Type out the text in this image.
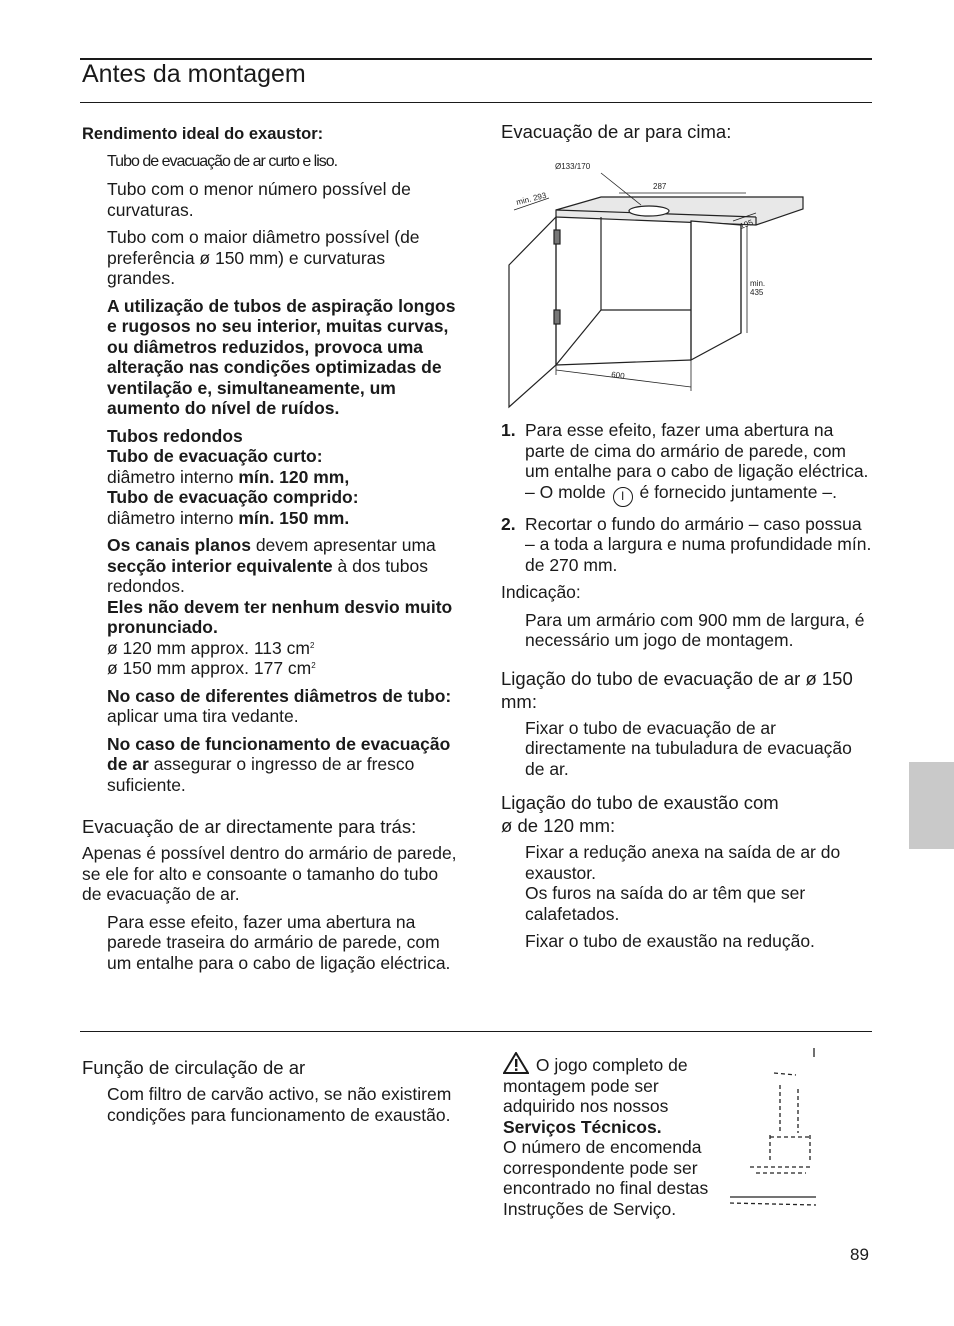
Antes da montagem

Rendimento ideal do exaustor:

Tubo de evacuação de ar curto e liso.

Tubo com o menor número possível de curvaturas.

Tubo com o maior diâmetro possível (de preferência ø 150 mm) e curvaturas grandes.

A utilização de tubos de aspiração longos e rugosos no seu interior, muitas curvas, ou diâmetros reduzidos, provoca uma alteração nas condições optimizadas de ventilação e, simultaneamente, um aumento do nível de ruídos.

Tubos redondos
Tubo de evacuação curto:
diâmetro interno mín. 120 mm,
Tubo de evacuação comprido:
diâmetro interno mín. 150 mm.
Os canais planos devem apresentar uma secção interior equivalente à dos tubos redondos.
Eles não devem ter nenhum desvio muito pronunciado.
ø 120 mm approx. 113 $cm^2$
ø 150 mm approx. 177 $cm^2$

No caso de diferentes diâmetros de tubo: aplicar uma tira vedante.

No caso de funcionamento de evacuação de ar assegurar o ingresso de ar fresco suficiente.

Evacuação de ar directamente para trás:

Apenas é possível dentro do armário de parede, se ele for alto e consoante o tamanho do tubo de evacuação de ar.

Para esse efeito, fazer uma abertura na parede traseira do armário de parede, com um entalhe para o cabo de ligação eléctrica.

Evacuação de ar para cima:

Ø133/170
287
min. 293
195
min.
435
600
1. Para esse efeito, fazer uma abertura na parte de cima do armário de parede, com um entalhe para o cabo de ligação eléctrica.
– O molde I é fornecido juntamente –.
2. Recortar o fundo do armário – caso possua – a toda a largura e numa profundidade mín. de 270 mm.

Indicação:

Para um armário com 900 mm de largura, é necessário um jogo de montagem.

Ligação do tubo de evacuação de ar ø 150 mm:

Fixar o tubo de evacuação de ar directamente na tubuladura de evacuação de ar.

Ligação do tubo de exaustão com
ø de 120 mm:
Fixar a redução anexa na saída de ar do exaustor.
Os furos na saída do ar têm que ser calafetados.
Fixar o tubo de exaustão na redução.

Função de circulação de ar

Com filtro de carvão activo, se não existirem condições para funcionamento de exaustão.

O jogo completo de montagem pode ser adquirido nos nossos Serviços Técnicos.
O número de encomenda correspondente pode ser encontrado no final destas Instruções de Serviço.
89
